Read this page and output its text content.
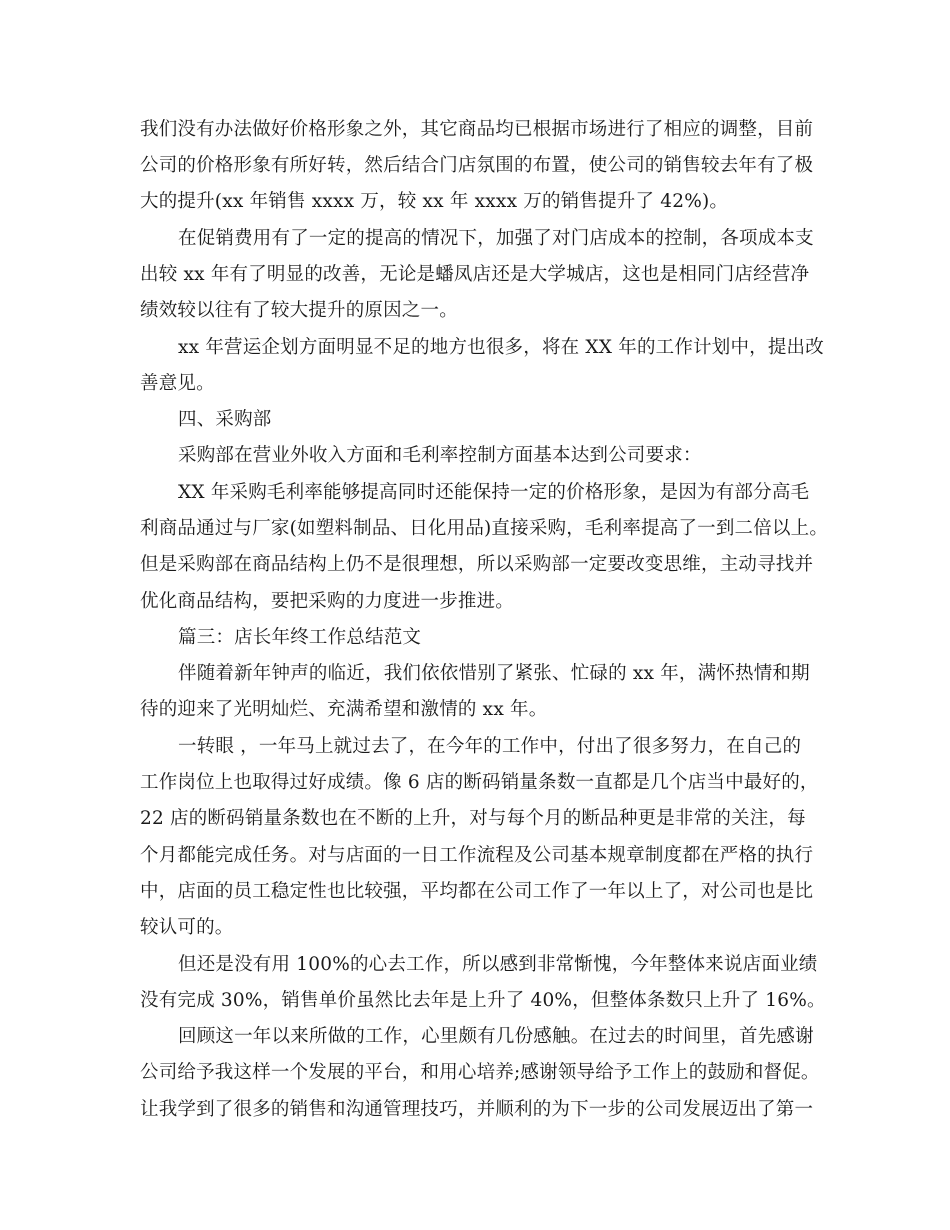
我们没有办法做好价格形象之外，其它商品均已根据市场进行了相应的调整，目前
公司的价格形象有所好转，然后结合门店氛围的布置，使公司的销售较去年有了极
大的提升(xx 年销售 xxxx 万，较 xx 年 xxxx 万的销售提升了 42%)。
在促销费用有了一定的提高的情况下，加强了对门店成本的控制，各项成本支
出较 xx 年有了明显的改善，无论是蟠凤店还是大学城店，这也是相同门店经营净
绩效较以往有了较大提升的原因之一。
xx 年营运企划方面明显不足的地方也很多，将在 XX 年的工作计划中，提出改
善意见。
四、采购部
采购部在营业外收入方面和毛利率控制方面基本达到公司要求：
XX 年采购毛利率能够提高同时还能保持一定的价格形象，是因为有部分高毛
利商品通过与厂家(如塑料制品、日化用品)直接采购，毛利率提高了一到二倍以上。
但是采购部在商品结构上仍不是很理想，所以采购部一定要改变思维，主动寻找并
优化商品结构，要把采购的力度进一步推进。
篇三：店长年终工作总结范文
伴随着新年钟声的临近，我们依依惜别了紧张、忙碌的 xx 年，满怀热情和期
待的迎来了光明灿烂、充满希望和激情的 xx 年。
一转眼 ，一年马上就过去了，在今年的工作中，付出了很多努力，在自己的
工作岗位上也取得过好成绩。像 6 店的断码销量条数一直都是几个店当中最好的，
22 店的断码销量条数也在不断的上升，对与每个月的断品种更是非常的关注，每
个月都能完成任务。对与店面的一日工作流程及公司基本规章制度都在严格的执行
中，店面的员工稳定性也比较强，平均都在公司工作了一年以上了，对公司也是比
较认可的。
但还是没有用 100%的心去工作，所以感到非常惭愧，今年整体来说店面业绩
没有完成 30%，销售单价虽然比去年是上升了 40%，但整体条数只上升了 16%。
回顾这一年以来所做的工作，心里颇有几份感触。在过去的时间里，首先感谢
公司给予我这样一个发展的平台，和用心培养;感谢领导给予工作上的鼓励和督促。
让我学到了很多的销售和沟通管理技巧，并顺利的为下一步的公司发展迈出了第一
